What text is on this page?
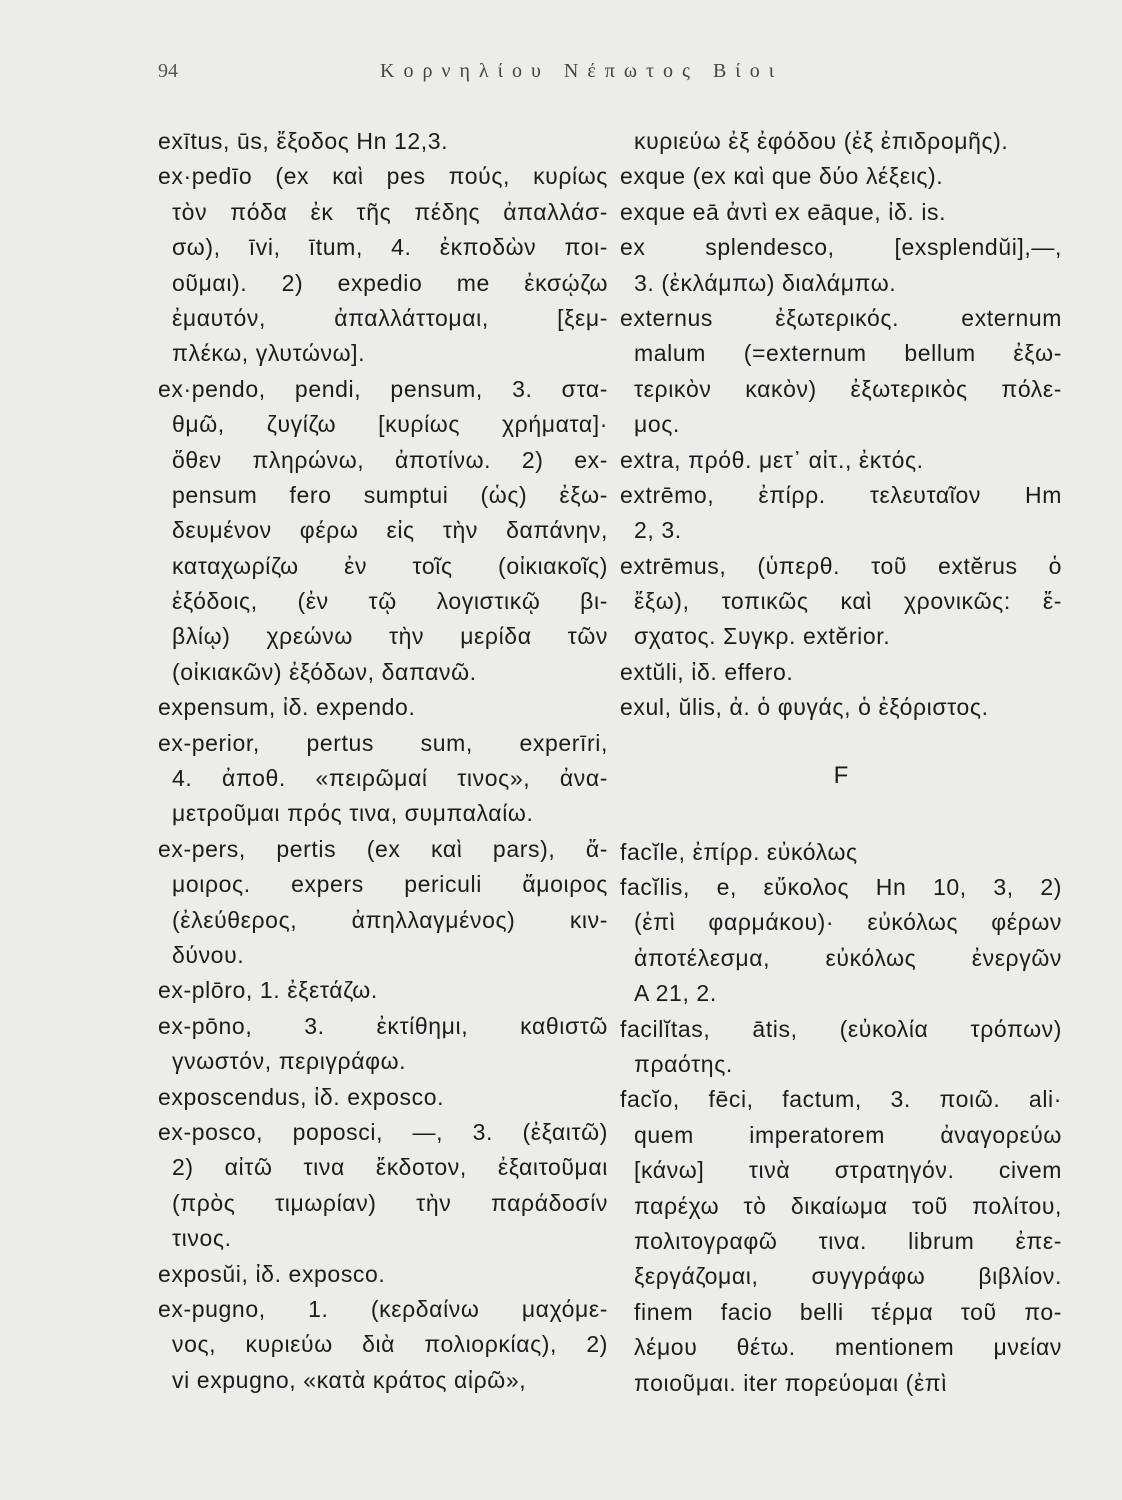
94	Κορνηλίου Νέπωτος Βίοι
exītus, ūs, ἔξοδος Hn 12,3.
ex·pedīo (ex καὶ pes πούς, κυρίως
τὸν πόδα ἐκ τῆς πέδης ἀπαλλάσ-
σω), īvi, ītum, 4. ἐκποδὼν ποι-
οῦμαι). 2) expedio me ἐκσῴζω
ἐμαυτόν, ἀπαλλάττομαι, [ξεμ-
πλέκω, γλυτώνω].
ex·pendo, pendi, pensum, 3. στα-
θμῶ, ζυγίζω [κυρίως χρήματα]·
ὅθεν πληρώνω, ἀποτίνω. 2) ex-
pensum fero sumptui (ὡς) ἐξω-
δευμένον φέρω εἰς τὴν δαπάνην,
καταχωρίζω ἐν τοῖς (οἰκιακοῖς)
ἐξόδοις, (ἐν τῷ λογιστικῷ βι-
βλίῳ) χρεώνω τὴν μερίδα τῶν
(οἰκιακῶν) ἐξόδων, δαπανῶ.
expensum, ἰδ. expendo.
ex-perior, pertus sum, experīri,
4. ἀποθ. «πειρῶμαί τινος», ἀνα-
μετροῦμαι πρός τινα, συμπαλαίω.
ex-pers, pertis (ex καὶ pars), ἄ-
μοιρος. expers periculi ἄμοιρος
(ἐλεύθερος, ἀπηλλαγμένος) κιν-
δύνου.
ex-plōro, 1. ἐξετάζω.
ex-pōno, 3. ἐκτίθημι, καθιστῶ
γνωστόν, περιγράφω.
exposcendus, ἰδ. exposco.
ex-posco, poposci, —, 3. (ἐξαιτῶ)
2) αἰτῶ τινα ἔκδοτον, ἐξαιτοῦμαι
(πρὸς τιμωρίαν) τὴν παράδοσίν
τινος.
exposŭi, ἰδ. exposco.
ex-pugno, 1. (κερδαίνω μαχόμε-
νος, κυριεύω διὰ πολιορκίας), 2)
vi expugno, «κατὰ κράτος αἰρῶ»,
κυριεύω ἐξ ἐφόδου (ἐξ ἐπιδρομῆς).
exque (ex καὶ que δύο λέξεις).
exque eā ἀντὶ ex eāque, ἰδ. is.
ex splendesco, [exsplendŭi],—,
3. (ἐκλάμπω) διαλάμπω.
externus ἐξωτερικός. externum
malum (=externum bellum ἐξω-
τερικὸν κακὸν) ἐξωτερικὸς πόλε-
μος.
extra, πρόθ. μετ᾽ αἰτ., ἐκτός.
extrēmo, ἐπίρρ. τελευταῖον Hm
2, 3.
extrēmus, (ὑπερθ. τοῦ extĕrus ὁ
ἔξω), τοπικῶς καὶ χρονικῶς: ἔ-
σχατος. Συγκρ. extĕrior.
extŭli, ἰδ. effero.
exul, ŭlis, ἀ. ὁ φυγάς, ὁ ἐξόριστος.
F
facĭle, ἐπίρρ. εὐκόλως
facĭlis, e, εὔκολος Hn 10, 3, 2)
(ἐπὶ φαρμάκου)· εὐκόλως φέρων
ἀποτέλεσμα, εὐκόλως ἐνεργῶν
A 21, 2.
facilĭtas, ātis, (εὐκολία τρόπων)
πραότης.
facĭo, fēci, factum, 3. ποιῶ. ali·
quem imperatorem ἀναγορεύω
[κάνω] τινὰ στρατηγόν. civem
παρέχω τὸ δικαίωμα τοῦ πολίτου,
πολιτογραφῶ τινα. librum ἐπε-
ξεργάζομαι, συγγράφω βιβλίον.
finem facio belli τέρμα τοῦ πο-
λέμου θέτω. mentionem μνείαν
ποιοῦμαι. iter πορεύομαι (ἐπὶ
